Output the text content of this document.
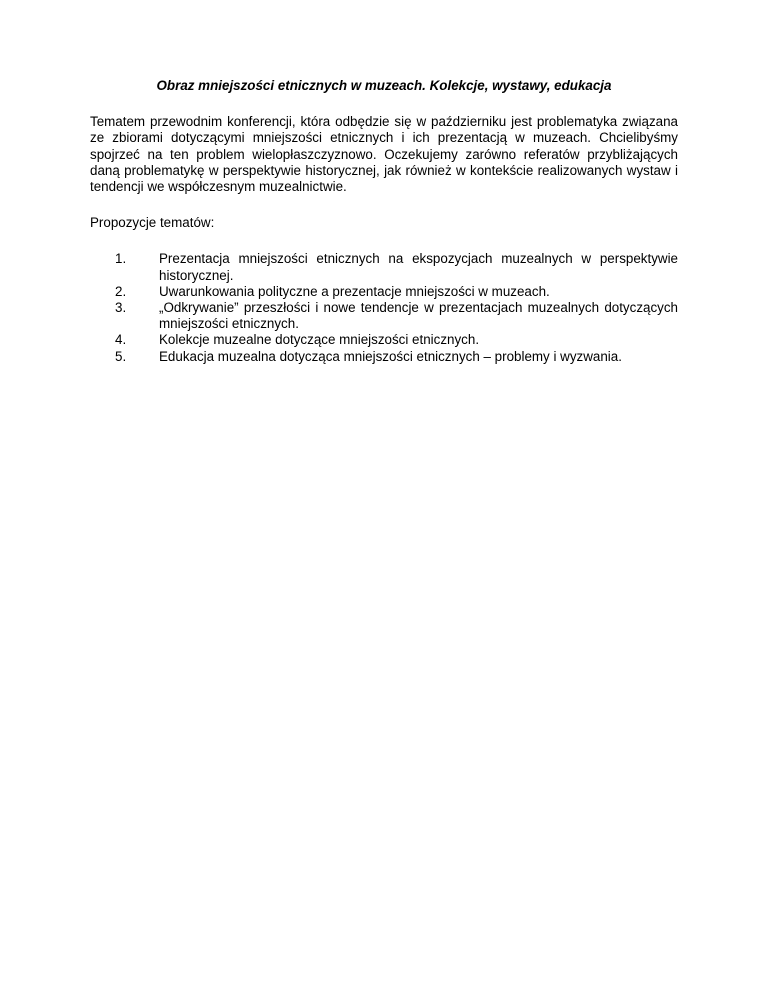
Obraz mniejszości etnicznych w muzeach. Kolekcje, wystawy, edukacja

Tematem przewodnim konferencji, która odbędzie się w październiku jest problematyka związana ze zbiorami dotyczącymi mniejszości etnicznych i ich prezentacją w muzeach. Chcielibyśmy spojrzeć na ten problem wielopłaszczyznowo. Oczekujemy zarówno referatów przybliżających daną problematykę w perspektywie historycznej, jak również w kontekście realizowanych wystaw i tendencji we współczesnym muzealnictwie.

Propozycje tematów:

1. Prezentacja mniejszości etnicznych na ekspozycjach muzealnych w perspektywie historycznej.
2. Uwarunkowania polityczne a prezentacje mniejszości w muzeach.
3. „Odkrywanie” przeszłości i nowe tendencje w prezentacjach muzealnych dotyczących mniejszości etnicznych.
4. Kolekcje muzealne dotyczące mniejszości etnicznych.
5. Edukacja muzealna dotycząca mniejszości etnicznych – problemy i wyzwania.
